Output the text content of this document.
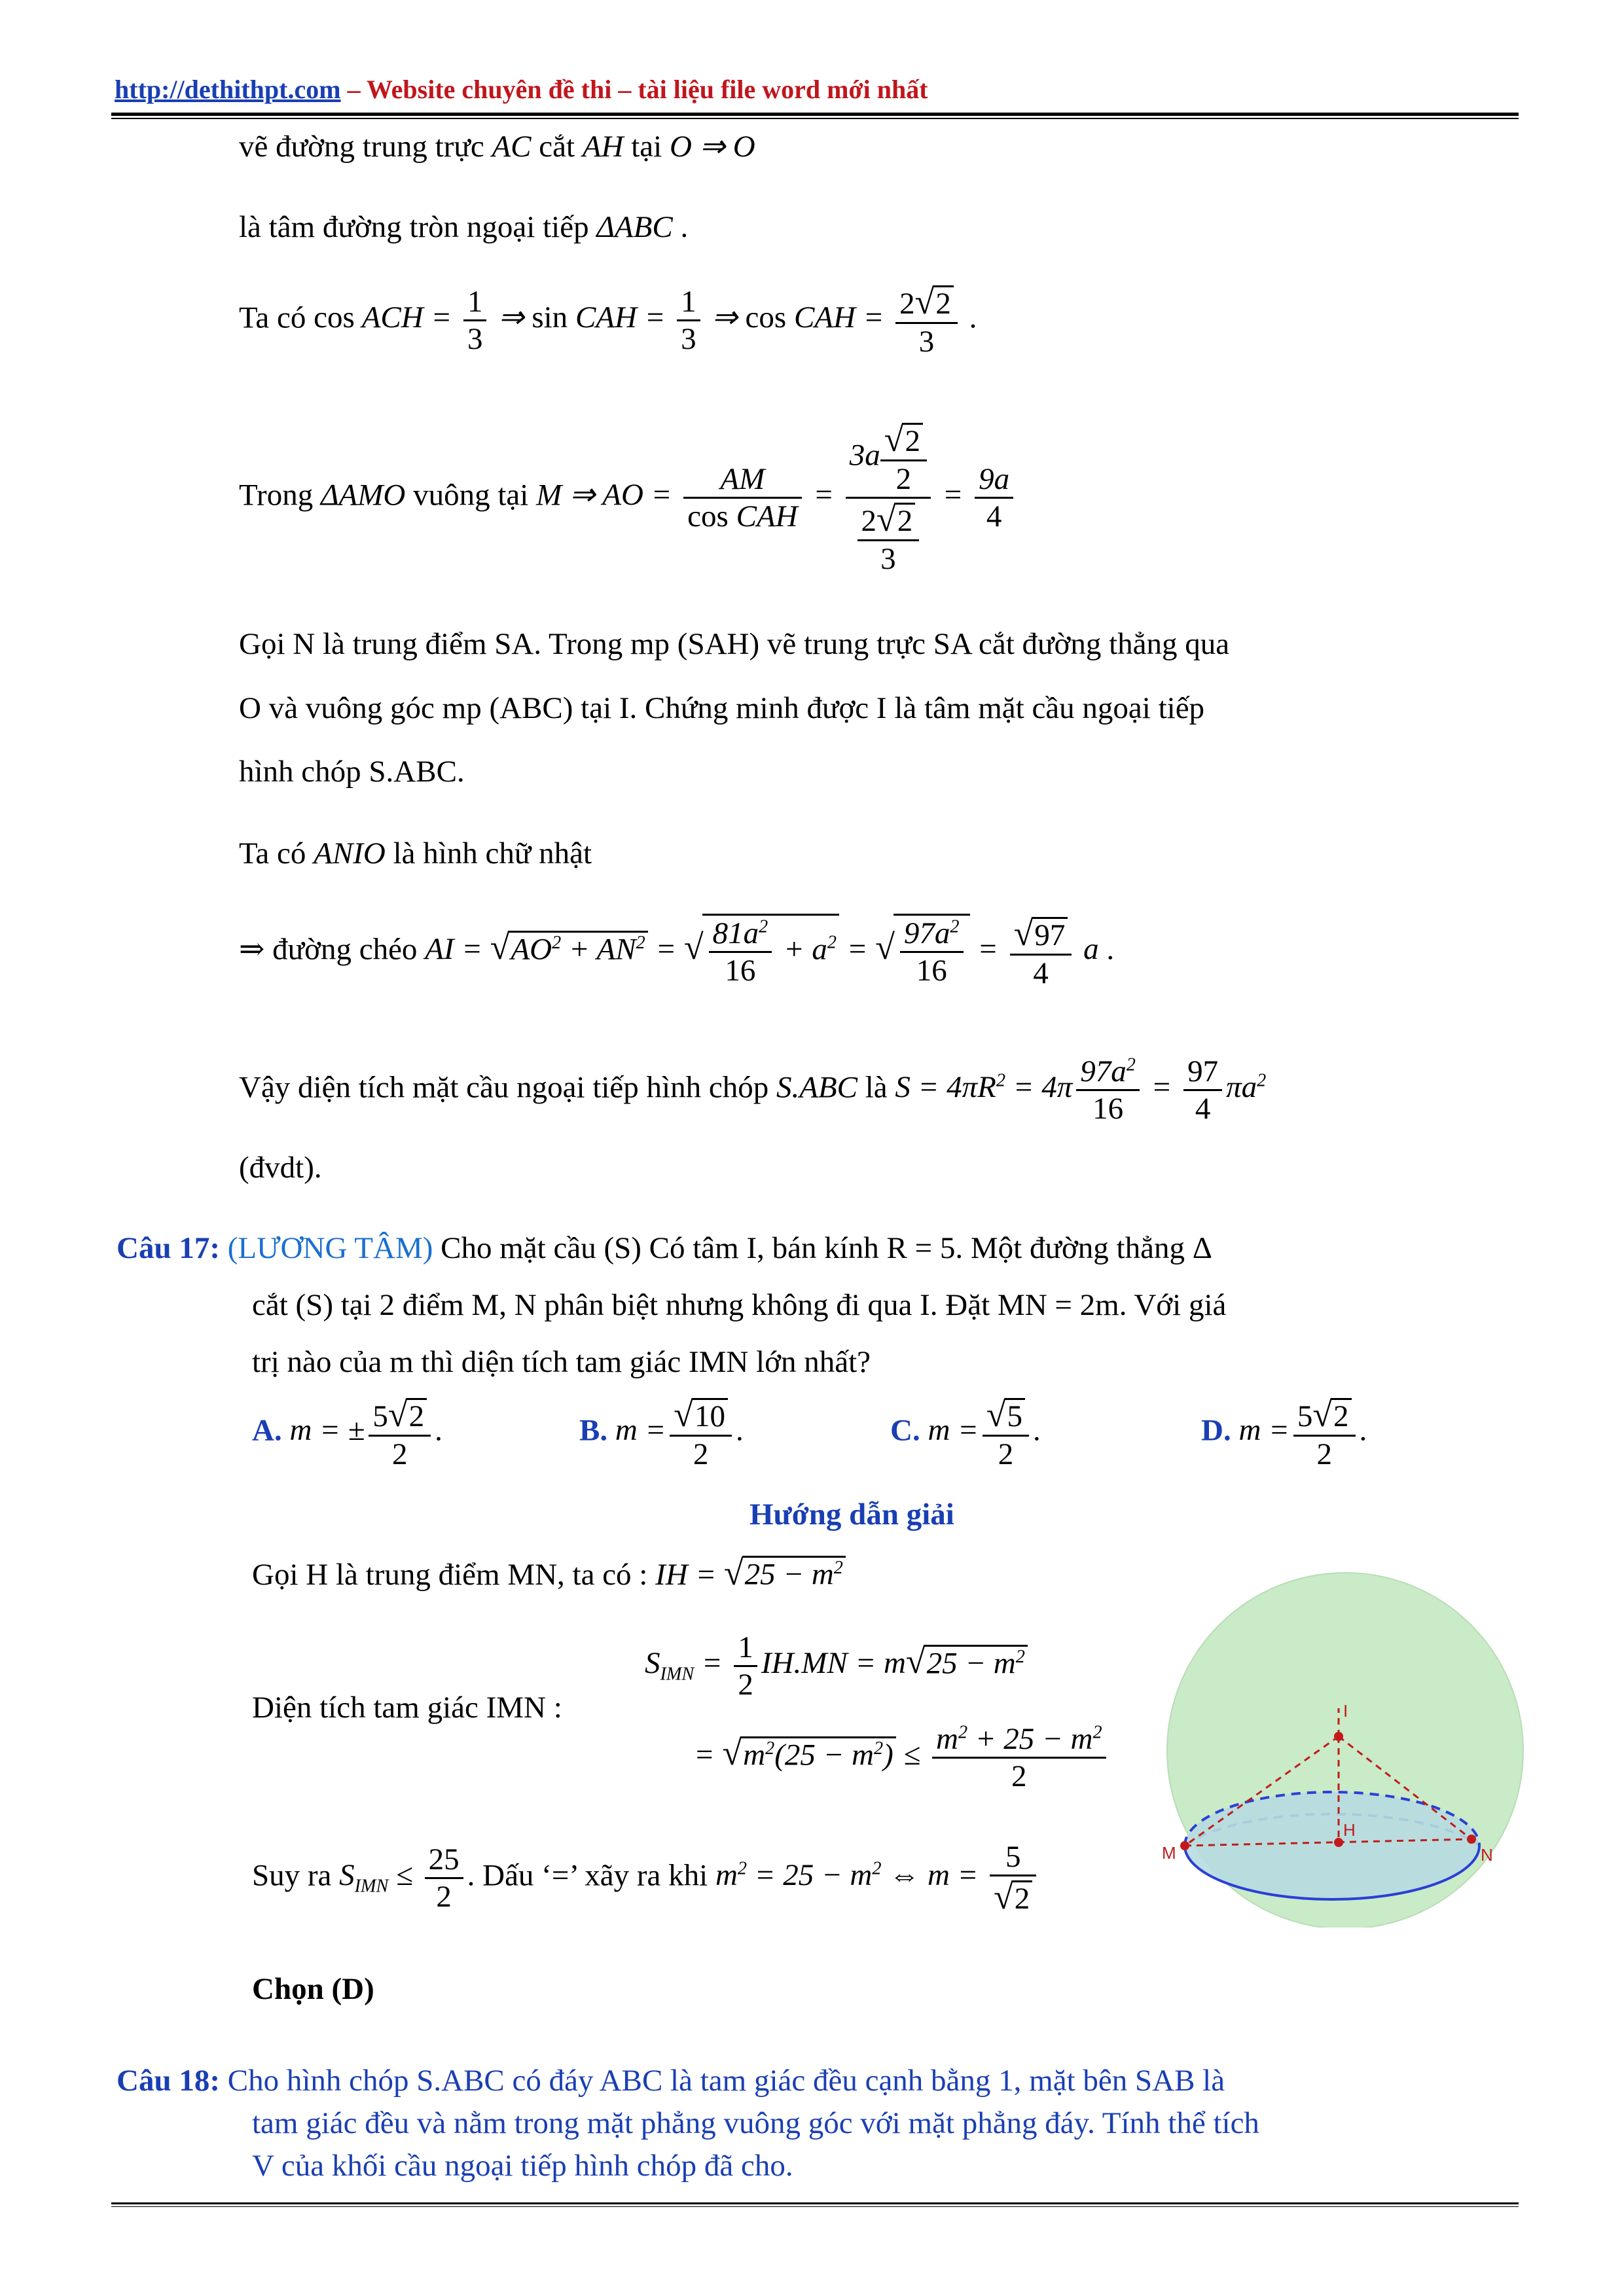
http://dethithpt.com – Website chuyên đề thi – tài liệu file word mới nhất
vẽ đường trung trực AC cắt AH tại O ⇒ O
là tâm đường tròn ngoại tiếp ΔABC .
Ta có cos ACH = $\frac{1}{3}$ ⇒ sin CAH = $\frac{1}{3}$ ⇒ cos CAH = $\frac{2√2}{3}$ .
Trong ΔAMO vuông tại M ⇒ AO = $\frac{AM}{\text{cos CAH}} = \frac{3a \frac{√2}{2}}{\frac{2√2}{3}} = \frac{9a}{4}$
Gọi N là trung điểm SA. Trong mp (SAH) vẽ trung trực SA cắt đường thẳng qua
O và vuông góc mp (ABC) tại I. Chứng minh được I là tâm mặt cầu ngoại tiếp
hình chóp S.ABC.
Ta có ANIO là hình chữ nhật
⇒ đường chéo AI = $√AO^2 + AN^2$ = √ $\frac{81a^2}{16} + a^2$ = √ $\frac{97a^2}{16} = \frac{√97}{4}$ a .
Vậy diện tích mặt cầu ngoại tiếp hình chóp S.ABC là $S = 4\pi R^2 = 4\pi \frac{97a^2}{16} = \frac{97}{4} \pi a^2$
(đvdt).
Câu 17: (LƯƠNG TÂM) Cho mặt cầu (S) Có tâm I, bán kính R = 5. Một đường thẳng Δ
cắt (S) tại 2 điểm M, N phân biệt nhưng không đi qua I. Đặt MN = 2m. Với giá
trị nào của m thì diện tích tam giác IMN lớn nhất?
A. m = ± $\frac{5√2}{2}$ .	B. $m = \frac{√10}{2}$ .	C. $m = \frac{√5}{2}$ .	D. $m = \frac{5√2}{2}$ .
Hướng dẫn giải
Gọi H là trung điểm MN, ta có : IH = $√25 - m^2$
$S_{IMN} = \frac{1}{2} IH.MN = m√25 - m^2$
Diện tích tam giác IMN :
= $√m^2(25 - m^2) \le \frac{m^2 + 25 - m^2}{2}$
Suy ra $S_{IMN} \le \frac{25}{2}$ . Dấu ‘=’ xãy ra khi $m^2 = 25 - m^2$ ⇔ $m = \frac{5}{√2}$
Chọn (D)
I
H
M	N
Câu 18: Cho hình chóp S.ABC có đáy ABC là tam giác đều cạnh bằng 1, mặt bên SAB là
tam giác đều và nằm trong mặt phẳng vuông góc với mặt phẳng đáy. Tính thể tích
V của khối cầu ngoại tiếp hình chóp đã cho.
